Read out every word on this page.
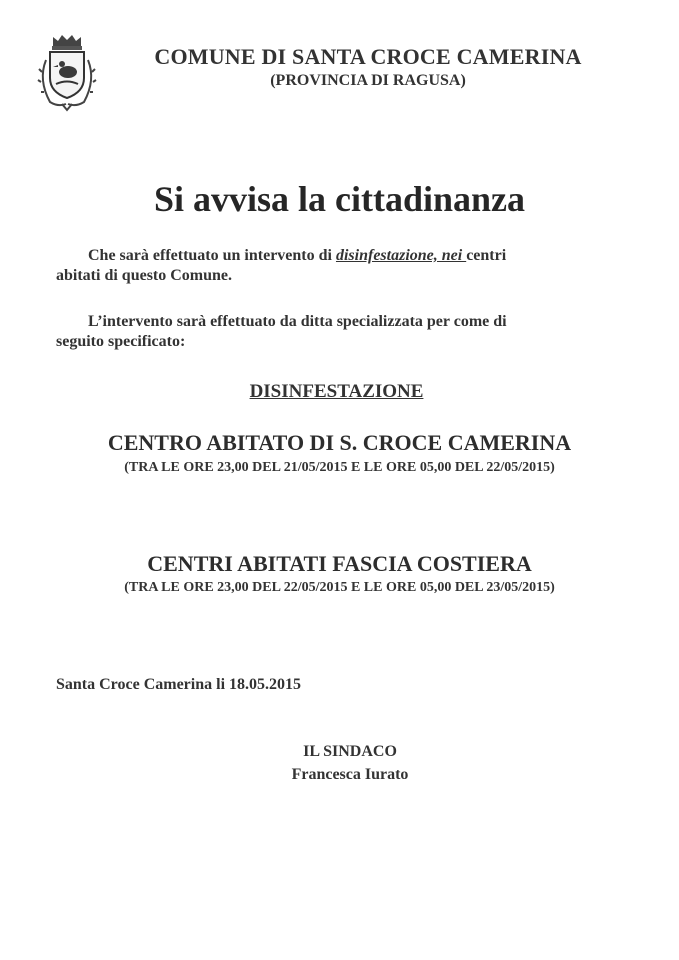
COMUNE DI SANTA CROCE CAMERINA
(PROVINCIA DI RAGUSA)
Si avvisa la cittadinanza
Che sarà effettuato un intervento di disinfestazione, nei centri
abitati di questo Comune.
L’intervento sarà effettuato da ditta specializzata per come di
seguito specificato:
DISINFESTAZIONE
CENTRO ABITATO DI S. CROCE CAMERINA
(TRA LE ORE 23,00 DEL 21/05/2015 E LE ORE 05,00 DEL 22/05/2015)
CENTRI ABITATI FASCIA COSTIERA
(TRA LE ORE 23,00 DEL 22/05/2015 E LE ORE 05,00 DEL 23/05/2015)
Santa Croce Camerina li 18.05.2015
IL SINDACO
Francesca Iurato
